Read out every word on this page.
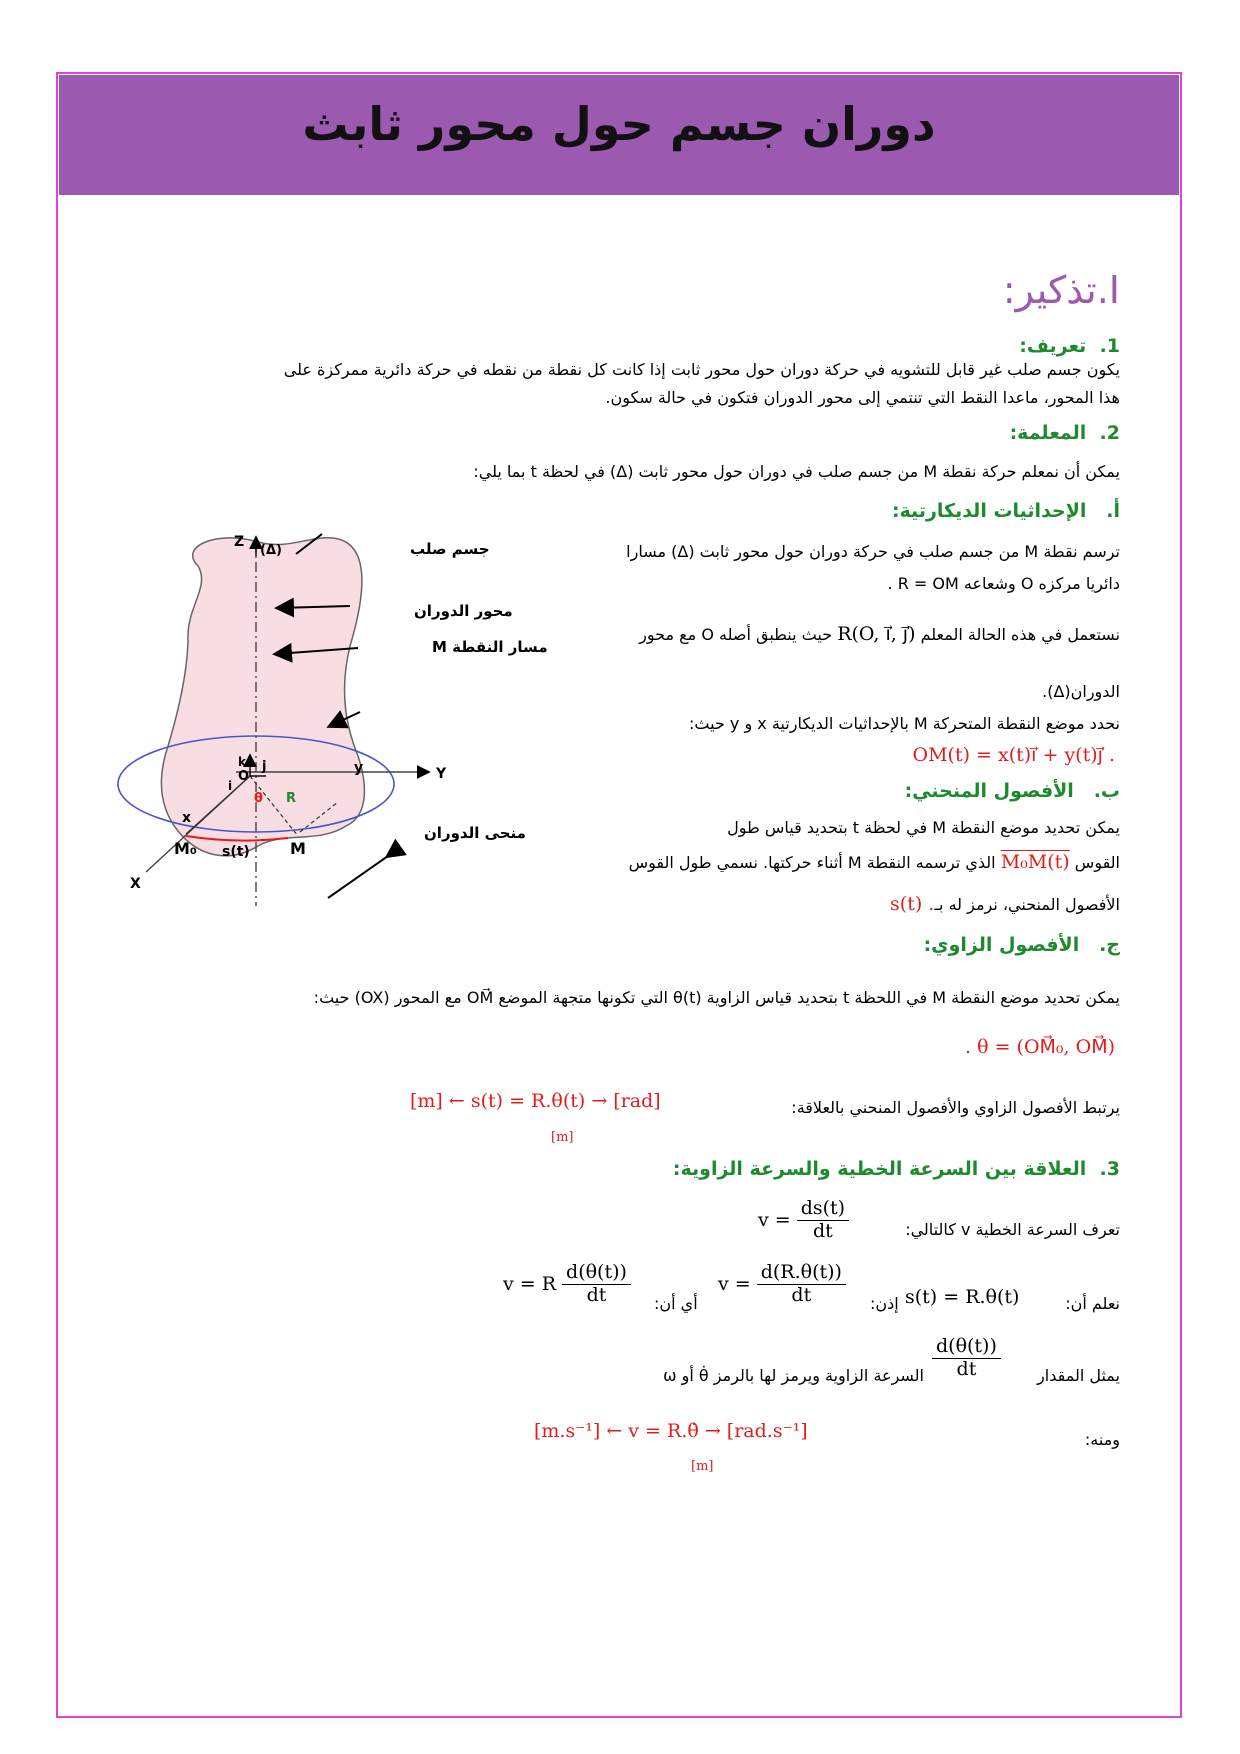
دوران جسم حول محور ثابث
I.تذكير:
1.  تعريف:
يكون جسم صلب غير قابل للتشويه في حركة دوران حول محور ثابت إذا كانت كل نقطة من نقطه في حركة دائرية ممركزة على
هذا المحور، ماعدا النقط التي تنتمي إلى محور الدوران فتكون في حالة سكون.
2.  المعلمة:
يمكن أن نمعلم حركة نقطة M من جسم صلب في دوران حول محور ثابت (Δ) في لحظة t بما يلي:
أ.   الإحداثيات الديكارتية:
ترسم نقطة M من جسم صلب في حركة دوران حول محور ثابت (Δ) مسارا
دائريا مركزه O وشعاعه R = OM .
نستعمل في هذه الحالة المعلم R(O, i⃗, j⃗) حيث ينطبق أصله O مع محور
الدوران(Δ).
نحدد موضع النقطة المتحركة M بالإحداثيات الديكارتية x و y حيث:
OM(t) = x(t)i⃗ + y(t)j⃗ .
ب.   الأفصول المنحني:
يمكن تحديد موضع النقطة M في لحظة t بتحديد قياس طول
القوس M₀M(t) الذي ترسمه النقطة M أثناء حركتها. نسمي طول القوس
الأفصول المنحني، نرمز له بـs(t) .
ج.   الأفصول الزاوي:
يمكن تحديد موضع النقطة M في اللحظة t بتحديد قياس الزاوية θ(t) التي تكونها متجهة الموضع OM⃗ مع المحور (OX) حيث:
. θ = (OM⃗₀, OM⃗)
يرتبط الأفصول الزاوي والأفصول المنحني بالعلاقة:
[m] ← s(t) = R.θ(t) → [rad]
[m]
3.  العلاقة بين السرعة الخطية والسرعة الزاوية:
تعرف السرعة الخطية v كالتالي:
$v = \frac{ds(t)}{dt}$
نعلم أن:
s(t) = R.θ(t)
إذن:
$v = \frac{d(R.\theta(t))}{dt}$
أي أن:
v = R $\frac{d(\theta(t))}{dt}$
يمثل المقدار
$\frac{d(\theta(t))}{dt}$
السرعة الزاوية ويرمز لها بالرمز θ̇ أو ω
ومنه:
[m.s⁻¹] ← v = R.θ̇ → [rad.s⁻¹]
[m]
جسم صلب
محور الدوران
مسار النقطة M
منحى الدوران
Z
(Δ)
Y
y
X
x
O
k
i
j
θ R
M₀ s(t)	M
